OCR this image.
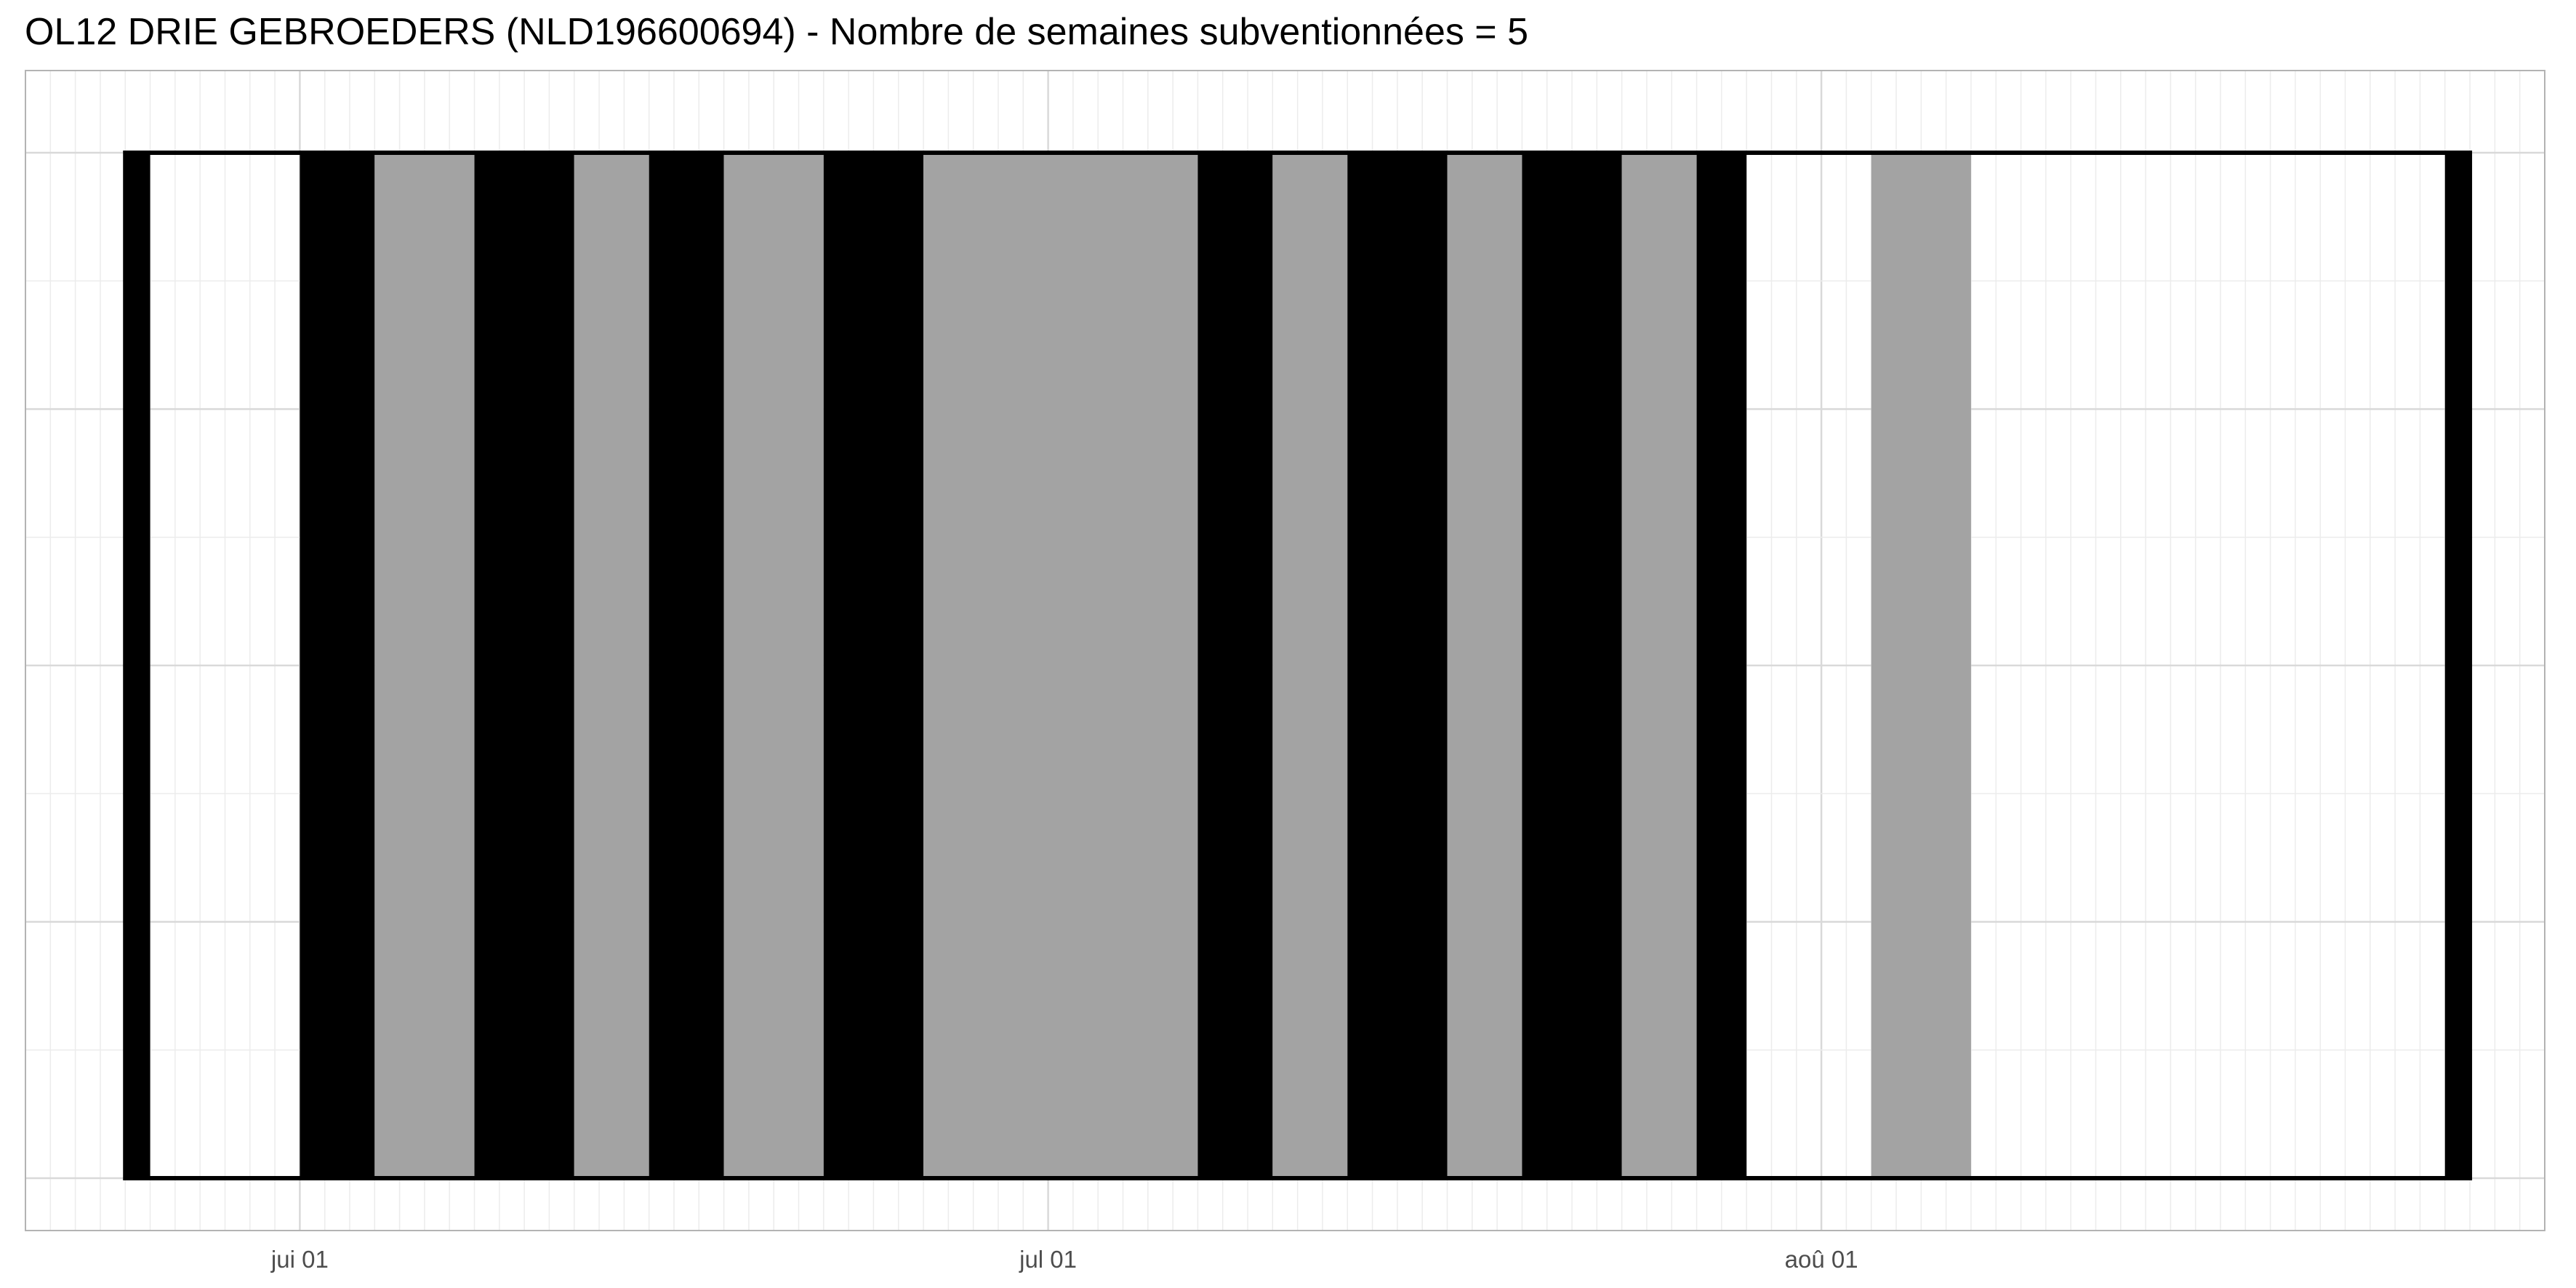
OL12 DRIE GEBROEDERS (NLD196600694) - Nombre de semaines subventionnées = 5
jui 01	jul 01	aoû 01
